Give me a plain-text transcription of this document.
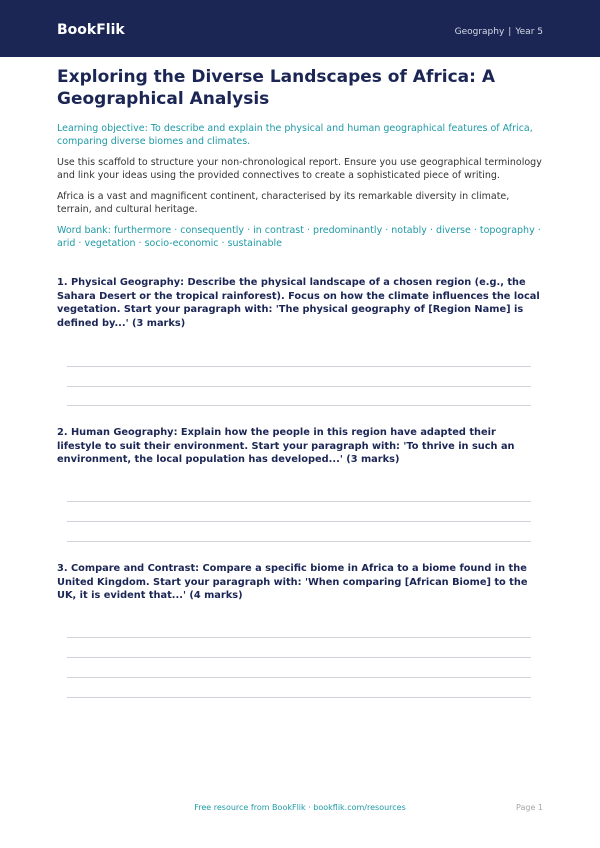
BookFlik	Geography | Year 5
Exploring the Diverse Landscapes of Africa: A Geographical Analysis
Learning objective: To describe and explain the physical and human geographical features of Africa, comparing diverse biomes and climates.
Use this scaffold to structure your non-chronological report. Ensure you use geographical terminology and link your ideas using the provided connectives to create a sophisticated piece of writing.
Africa is a vast and magnificent continent, characterised by its remarkable diversity in climate, terrain, and cultural heritage.
Word bank: furthermore · consequently · in contrast · predominantly · notably · diverse · topography · arid · vegetation · socio-economic · sustainable
1. Physical Geography: Describe the physical landscape of a chosen region (e.g., the Sahara Desert or the tropical rainforest). Focus on how the climate influences the local vegetation. Start your paragraph with: 'The physical geography of [Region Name] is defined by...' (3 marks)
2. Human Geography: Explain how the people in this region have adapted their lifestyle to suit their environment. Start your paragraph with: 'To thrive in such an environment, the local population has developed...' (3 marks)
3. Compare and Contrast: Compare a specific biome in Africa to a biome found in the United Kingdom. Start your paragraph with: 'When comparing [African Biome] to the UK, it is evident that...' (4 marks)
Free resource from BookFlik · bookflik.com/resources	Page 1
